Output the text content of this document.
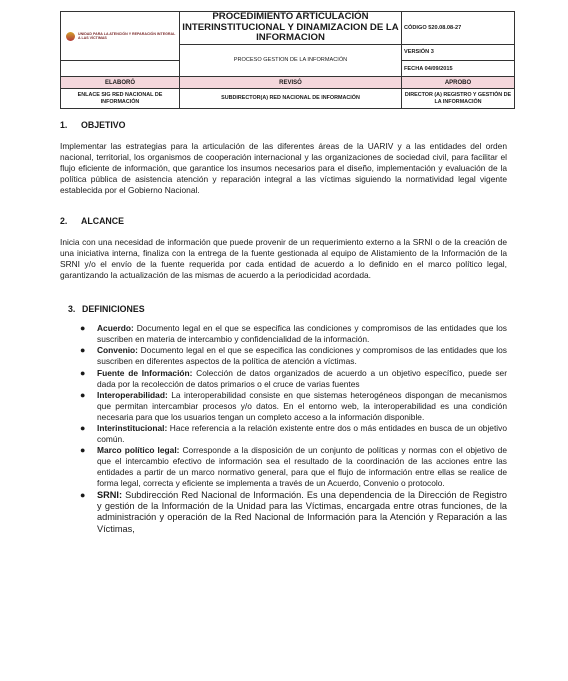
UNIDAD PARA LA ATENCIÓN Y REPARACIÓN INTEGRAL A LAS VÍCTIMAS	PROCEDIMIENTO ARTICULACIÓN INTERINSTITUCIONAL Y DINAMIZACION DE LA INFORMACION	CÓDIGO 520.08.08-27
	PROCESO GESTION DE LA INFORMACIÓN	VERSIÓN 3
		FECHA 04/09/2015
ELABORÓ	REVISÓ	APROBO
ENLACE SIG RED NACIONAL DE INFORMACIÓN	SUBDIRECTOR(A) RED NACIONAL DE INFORMACIÓN	DIRECTOR (A) REGISTRO Y GESTIÓN DE LA INFORMACIÓN

1. OBJETIVO

Implementar las estrategias para la articulación de las diferentes áreas de la UARIV y a las entidades del orden nacional, territorial, los organismos de cooperación internacional y las organizaciones de sociedad civil, para facilitar el flujo eficiente de información, que garantice los insumos necesarios para el diseño, implementación y evaluación de la política pública de asistencia atención y reparación integral a las víctimas siguiendo la normatividad legal vigente establecida por el Gobierno Nacional.

2. ALCANCE

Inicia con una necesidad de información que puede provenir de un requerimiento externo a la SRNI o de la creación de una iniciativa interna, finaliza con la entrega de la fuente gestionada al equipo de Alistamiento de la Información de la SRNI y/o el envío de la fuente requerida por cada entidad de acuerdo a lo definido en el marco político legal, garantizando la actualización de las mismas de acuerdo a la periodicidad acordada.

3. DEFINICIONES

● Acuerdo: Documento legal en el que se especifica las condiciones y compromisos de las entidades que los suscriben en materia de intercambio y confidencialidad de la información.
● Convenio: Documento legal en el que se especifica las condiciones y compromisos de las entidades que los suscriben en diferentes aspectos de la política de atención a víctimas.
● Fuente de Información: Colección de datos organizados de acuerdo a un objetivo específico, puede ser dada por la recolección de datos primarios o el cruce de varias fuentes
● Interoperabilidad: La interoperabilidad consiste en que sistemas heterogéneos dispongan de mecanismos que permitan intercambiar procesos y/o datos. En el entorno web, la interoperabilidad es una condición necesaria para que los usuarios tengan un completo acceso a la información disponible.
● Interinstitucional: Hace referencia a la relación existente entre dos o más entidades en busca de un objetivo común.
● Marco político legal: Corresponde a la disposición de un conjunto de políticas y normas con el objetivo de que el intercambio efectivo de información sea el resultado de la coordinación de las acciones entre las entidades a partir de un marco normativo general, para que el flujo de información entre ellas se realice de forma legal, correcta y eficiente se implementa a través de un Acuerdo, Convenio o protocolo.
● SRNI: Subdirección Red Nacional de Información. Es una dependencia de la Dirección de Registro y gestión de la Información de la Unidad para las Víctimas, encargada entre otras funciones, de la administración y operación de la Red Nacional de Información para la Atención y Reparación a las Víctimas,
